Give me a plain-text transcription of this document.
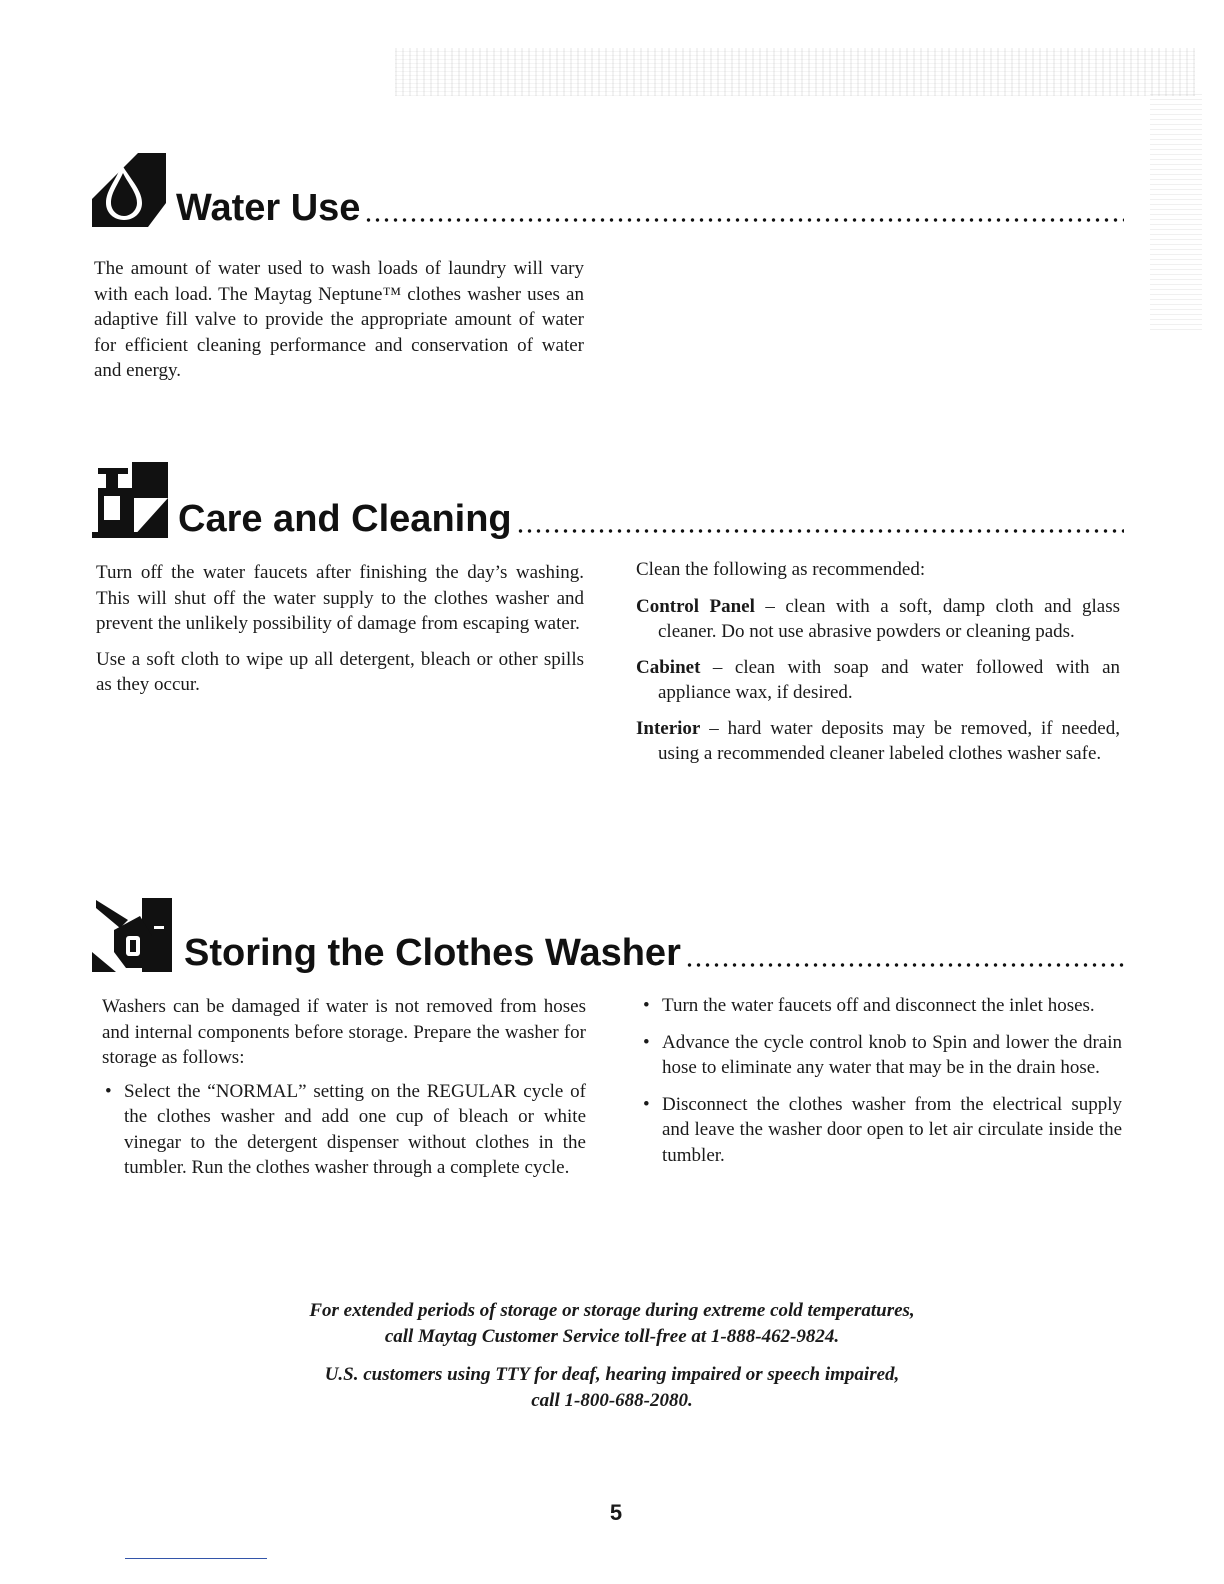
Water Use

The amount of water used to wash loads of laundry will vary with each load. The Maytag Neptune™ clothes washer uses an adaptive fill valve to provide the appropriate amount of water for efficient cleaning performance and conservation of water and energy.

Care and Cleaning

Turn off the water faucets after finishing the day’s washing. This will shut off the water supply to the clothes washer and prevent the unlikely possibility of damage from escaping water.

Use a soft cloth to wipe up all detergent, bleach or other spills as they occur.

Clean the following as recommended:

Control Panel – clean with a soft, damp cloth and glass cleaner. Do not use abrasive powders or cleaning pads.
Cabinet – clean with soap and water followed with an appliance wax, if desired.
Interior – hard water deposits may be removed, if needed, using a recommended cleaner labeled clothes washer safe.
Storing the Clothes Washer

Washers can be damaged if water is not removed from hoses and internal components before storage. Prepare the washer for storage as follows:

• Select the “NORMAL” setting on the REGULAR cycle of the clothes washer and add one cup of bleach or white vinegar to the detergent dispenser without clothes in the tumbler. Run the clothes washer through a complete cycle.
• Turn the water faucets off and disconnect the inlet hoses.
• Advance the cycle control knob to Spin and lower the drain hose to eliminate any water that may be in the drain hose.
• Disconnect the clothes washer from the electrical supply and leave the washer door open to let air circulate inside the tumbler.

For extended periods of storage or storage during extreme cold temperatures,
call Maytag Customer Service toll-free at 1-888-462-9824.

U.S. customers using TTY for deaf, hearing impaired or speech impaired,
call 1-800-688-2080.

5
